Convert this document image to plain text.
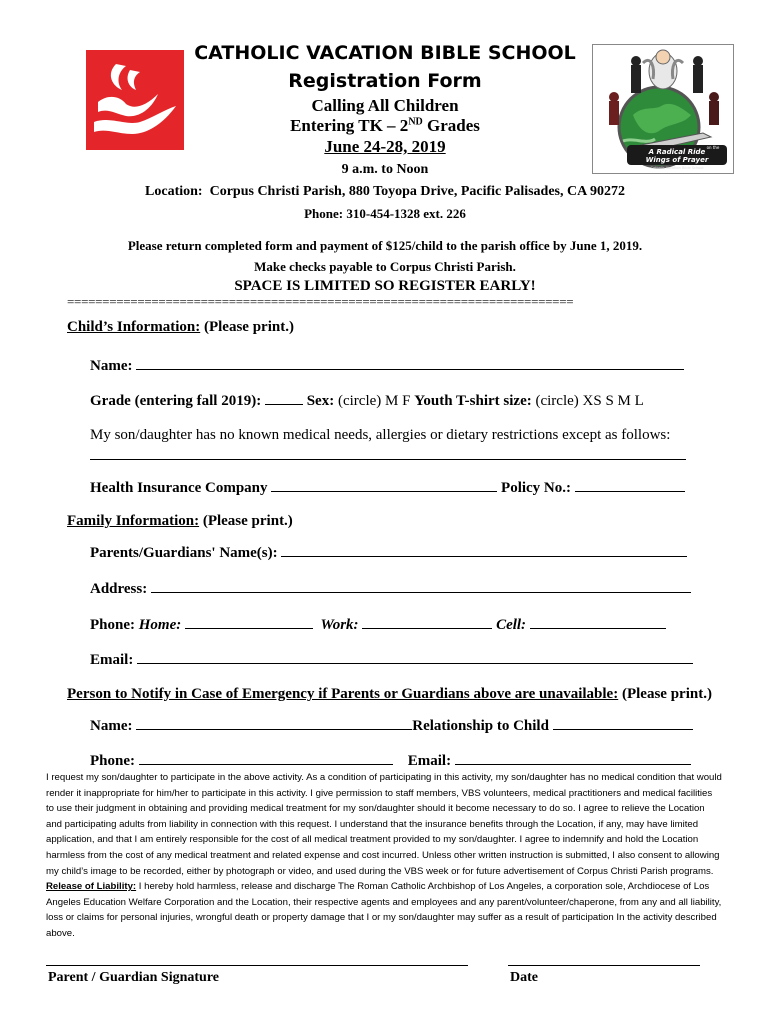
A Radical Ride
Wings of Prayer
on the
Catholic Vacation Bible School
CATHOLIC VACATION BIBLE SCHOOL
Registration Form
Calling All Children
Entering TK – 2ND Grades
June 24-28, 2019
9 a.m. to Noon
Location: Corpus Christi Parish, 880 Toyopa Drive, Pacific Palisades, CA 90272
Phone: 310-454-1328 ext. 226
Please return completed form and payment of $125/child to the parish office by June 1, 2019.
Make checks payable to Corpus Christi Parish.
SPACE IS LIMITED SO REGISTER EARLY!
========================================================================
Child’s Information: (Please print.)
Name:
Grade (entering fall 2019):	Sex: (circle) M F Youth T-shirt size: (circle) XS S M L
My son/daughter has no known medical needs, allergies or dietary restrictions except as follows:
Health Insurance Company	Policy No.:
Family Information: (Please print.)
Parents/Guardians' Name(s):
Address:
Phone: Home:	Work:	Cell:
Email:
Person to Notify in Case of Emergency if Parents or Guardians above are unavailable: (Please print.)
Name:	Relationship to Child
Phone:	Email:
I request my son/daughter to participate in the above activity. As a condition of participating in this activity, my son/daughter has no medical condition that would render it inappropriate for him/her to participate in this activity. I give permission to staff members, VBS volunteers, medical practitioners and medical facilities to use their judgment in obtaining and providing medical treatment for my son/daughter should it become necessary to do so. I agree to relieve the Location and participating adults from liability in connection with this request. I understand that the insurance benefits through the Location, if any, may have limited application, and that I am entirely responsible for the cost of all medical treatment provided to my son/daughter. I agree to indemnify and hold the Location harmless from the cost of any medical treatment and related expense and cost incurred. Unless other written instruction is submitted, I also consent to allowing my child’s image to be recorded, either by photograph or video, and used during the VBS week or for future advertisement of Corpus Christi Parish programs. Release of Liability: I hereby hold harmless, release and discharge The Roman Catholic Archbishop of Los Angeles, a corporation sole, Archdiocese of Los Angeles Education Welfare Corporation and the Location, their respective agents and employees and any parent/volunteer/chaperone, from any and all liability, loss or claims for personal injuries, wrongful death or property damage that I or my son/daughter may suffer as a result of participation In the activity described above.
Parent / Guardian Signature	Date
